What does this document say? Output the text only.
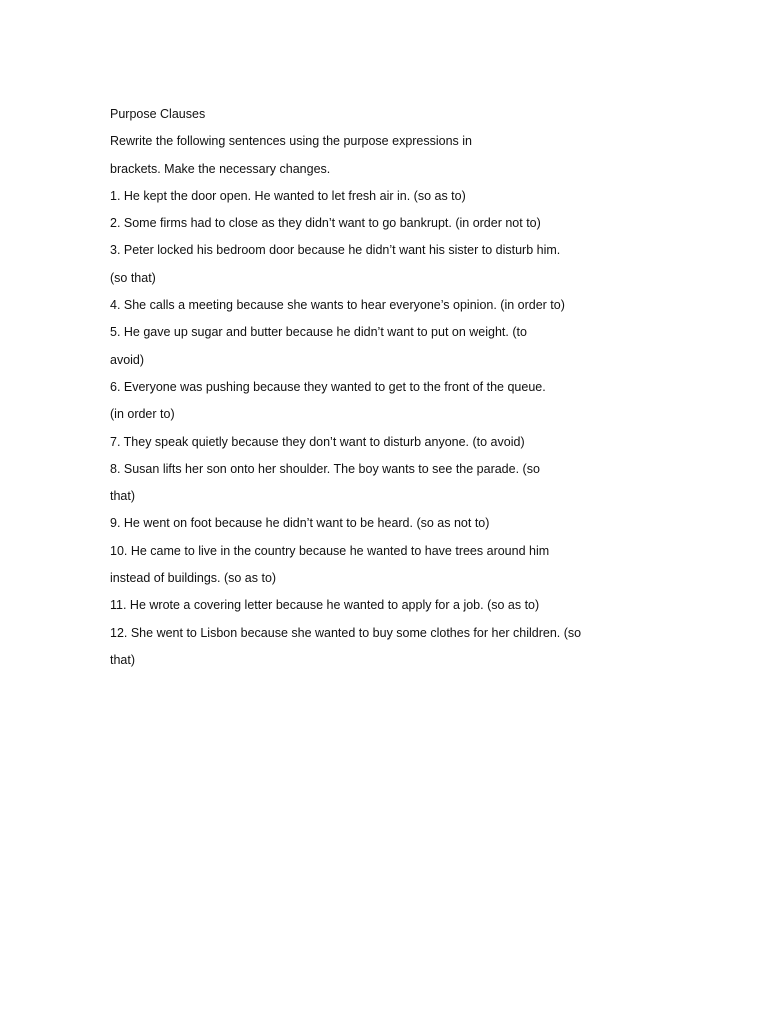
Purpose Clauses
Rewrite the following sentences using the purpose expressions in
brackets. Make the necessary changes.
1. He kept the door open. He wanted to let fresh air in. (so as to)
2. Some firms had to close as they didn’t want to go bankrupt. (in order not to)
3. Peter locked his bedroom door because he didn’t want his sister to disturb him.
(so that)
4. She calls a meeting because she wants to hear everyone’s opinion. (in order to)
5. He gave up sugar and butter because he didn’t want to put on weight. (to
avoid)
6. Everyone was pushing because they wanted to get to the front of the queue.
(in order to)
7. They speak quietly because they don’t want to disturb anyone. (to avoid)
8. Susan lifts her son onto her shoulder. The boy wants to see the parade. (so
that)
9. He went on foot because he didn’t want to be heard. (so as not to)
10. He came to live in the country because he wanted to have trees around him
instead of buildings. (so as to)
11. He wrote a covering letter because he wanted to apply for a job. (so as to)
12. She went to Lisbon because she wanted to buy some clothes for her children. (so
that)
